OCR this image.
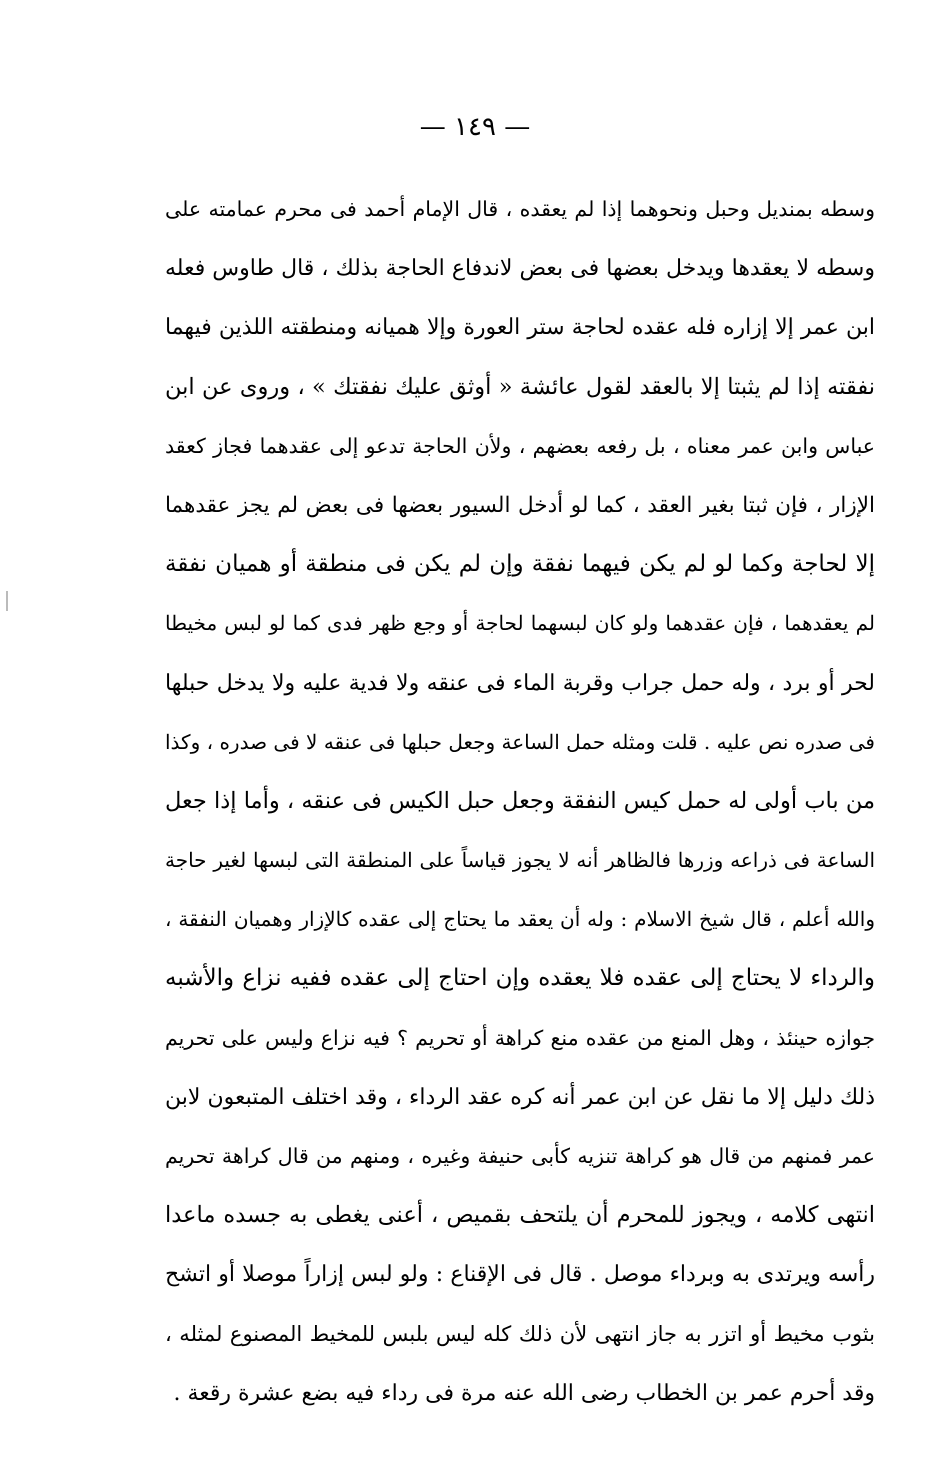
— ١٤٩ —
وسطه بمنديل وحبل ونحوهما إذا لم يعقده ، قال الإمام أحمد فى محرم عمامته على
وسطه لا يعقدها ويدخل بعضها فى بعض لاندفاع الحاجة بذلك ، قال طاوس فعله
ابن عمر إلا إزاره فله عقده لحاجة ستر العورة وإلا هميانه ومنطقته اللذين فيهما
نفقته إذا لم يثبتا إلا بالعقد لقول عائشة « أوثق عليك نفقتك » ، وروى عن ابن
عباس وابن عمر معناه ، بل رفعه بعضهم ، ولأن الحاجة تدعو إلى عقدهما فجاز كعقد
الإزار ، فإن ثبتا بغير العقد ، كما لو أدخل السيور بعضها فى بعض لم يجز عقدهما
إلا لحاجة وكما لو لم يكن فيهما نفقة وإن لم يكن فى منطقة أو هميان نفقة
لم يعقدهما ، فإن عقدهما ولو كان لبسهما لحاجة أو وجع ظهر فدى كما لو لبس مخيطا
لحر أو برد ، وله حمل جراب وقربة الماء فى عنقه ولا فدية عليه ولا يدخل حبلها
فى صدره نص عليه . قلت ومثله حمل الساعة وجعل حبلها فى عنقه لا فى صدره ، وكذا
من باب أولى له حمل كيس النفقة وجعل حبل الكيس فى عنقه ، وأما إذا جعل
الساعة فى ذراعه وزرها فالظاهر أنه لا يجوز قياساً على المنطقة التى لبسها لغير حاجة
والله أعلم ، قال شيخ الاسلام : وله أن يعقد ما يحتاج إلى عقده كالإزار وهميان النفقة ،
والرداء لا يحتاج إلى عقده فلا يعقده وإن احتاج إلى عقده ففيه نزاع والأشبه
جوازه حينئذ ، وهل المنع من عقده منع كراهة أو تحريم ؟ فيه نزاع وليس على تحريم
ذلك دليل إلا ما نقل عن ابن عمر أنه كره عقد الرداء ، وقد اختلف المتبعون لابن
عمر فمنهم من قال هو كراهة تنزيه كأبى حنيفة وغيره ، ومنهم من قال كراهة تحريم
انتهى كلامه ، ويجوز للمحرم أن يلتحف بقميص ، أعنى يغطى به جسده ماعدا
رأسه ويرتدى به وبرداء موصل . قال فى الإقناع : ولو لبس إزاراً موصلا أو اتشح
بثوب مخيط أو اتزر به جاز انتهى لأن ذلك كله ليس بلبس للمخيط المصنوع لمثله ،
وقد أحرم عمر بن الخطاب رضى الله عنه مرة فى رداء فيه بضع عشرة رقعة .
